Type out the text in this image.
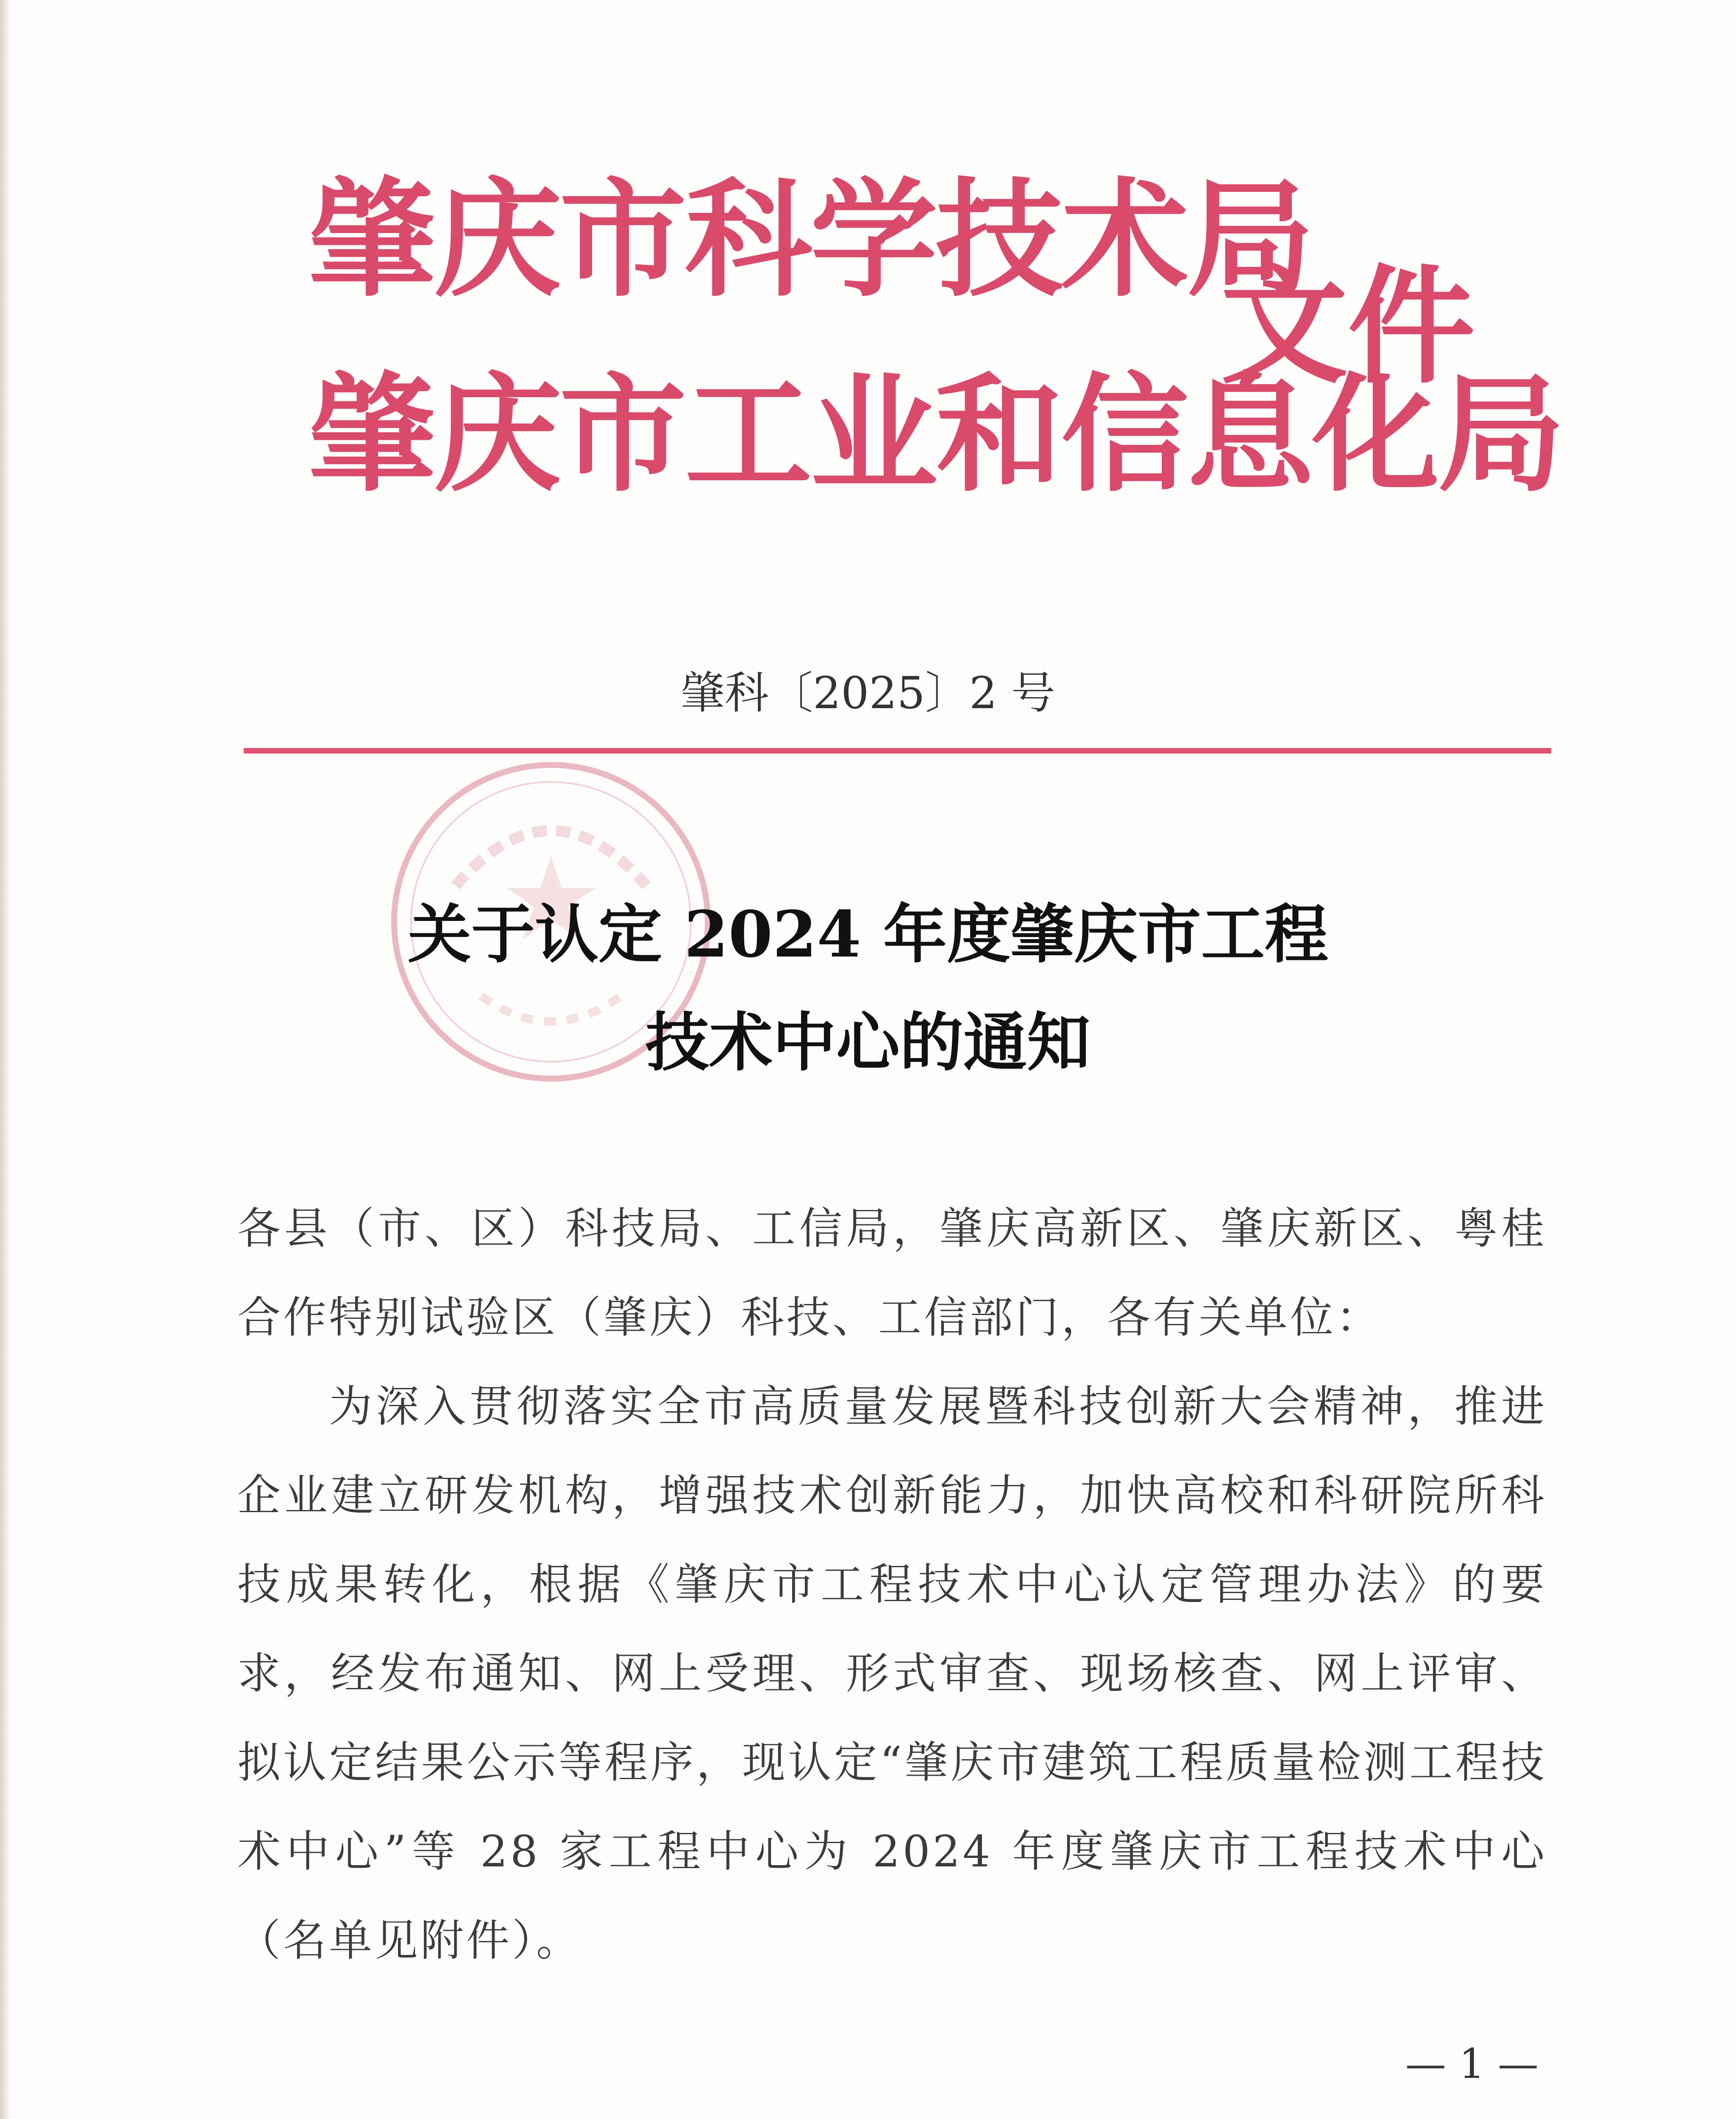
肇庆市科学技术局
肇庆市工业和信息化局
文件
肇科〔2025〕2 号
关于认定 2024 年度肇庆市工程
技术中心的通知
各县（市、区）科技局、工信局，肇庆高新区、肇庆新区、粤桂合作特别试验区（肇庆）科技、工信部门，各有关单位：
为深入贯彻落实全市高质量发展暨科技创新大会精神，推进企业建立研发机构，增强技术创新能力，加快高校和科研院所科技成果转化，根据《肇庆市工程技术中心认定管理办法》的要求，经发布通知、网上受理、形式审查、现场核查、网上评审、拟认定结果公示等程序，现认定“肇庆市建筑工程质量检测工程技术中心”等 28 家工程中心为 2024 年度肇庆市工程技术中心（名单见附件）。
— 1 —
